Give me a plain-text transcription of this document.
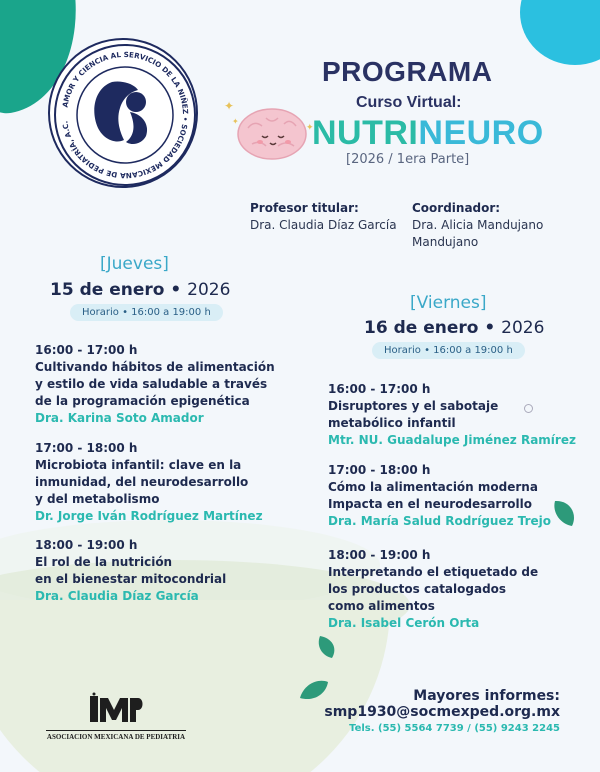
AMOR Y CIENCIA AL SERVICIO DE LA NIÑEZ • SOCIEDAD MEXICANA DE PEDIATRÍA, A.C.
PROGRAMA
Curso Virtual:
✦
✦
✦
NUTRINEURO
[2026 / 1era Parte]
Profesor titular:
Dra. Claudia Díaz García
Coordinador:
Dra. Alicia Mandujano Mandujano
[Jueves]
15 de enero • 2026
Horario • 16:00 a 19:00 h
16:00 - 17:00 h
Cultivando hábitos de alimentación
y estilo de vida saludable a través
de la programación epigenética
Dra. Karina Soto Amador
17:00 - 18:00 h
Microbiota infantil: clave en la
inmunidad, del neurodesarrollo
y del metabolismo
Dr. Jorge Iván Rodríguez Martínez
18:00 - 19:00 h
El rol de la nutrición
en el bienestar mitocondrial
Dra. Claudia Díaz García
[Viernes]
16 de enero • 2026
Horario • 16:00 a 19:00 h
16:00 - 17:00 h
Disruptores y el sabotaje
metabólico infantil
Mtr. NU. Guadalupe Jiménez Ramírez
17:00 - 18:00 h
Cómo la alimentación moderna
Impacta en el neurodesarrollo
Dra. María Salud Rodríguez Trejo
18:00 - 19:00 h
Interpretando el etiquetado de
los productos catalogados
como alimentos
Dra. Isabel Cerón Orta
ASOCIACION MEXICANA DE PEDIATRIA
Mayores informes:
smp1930@socmexped.org.mx
Tels. (55) 5564 7739 / (55) 9243 2245
